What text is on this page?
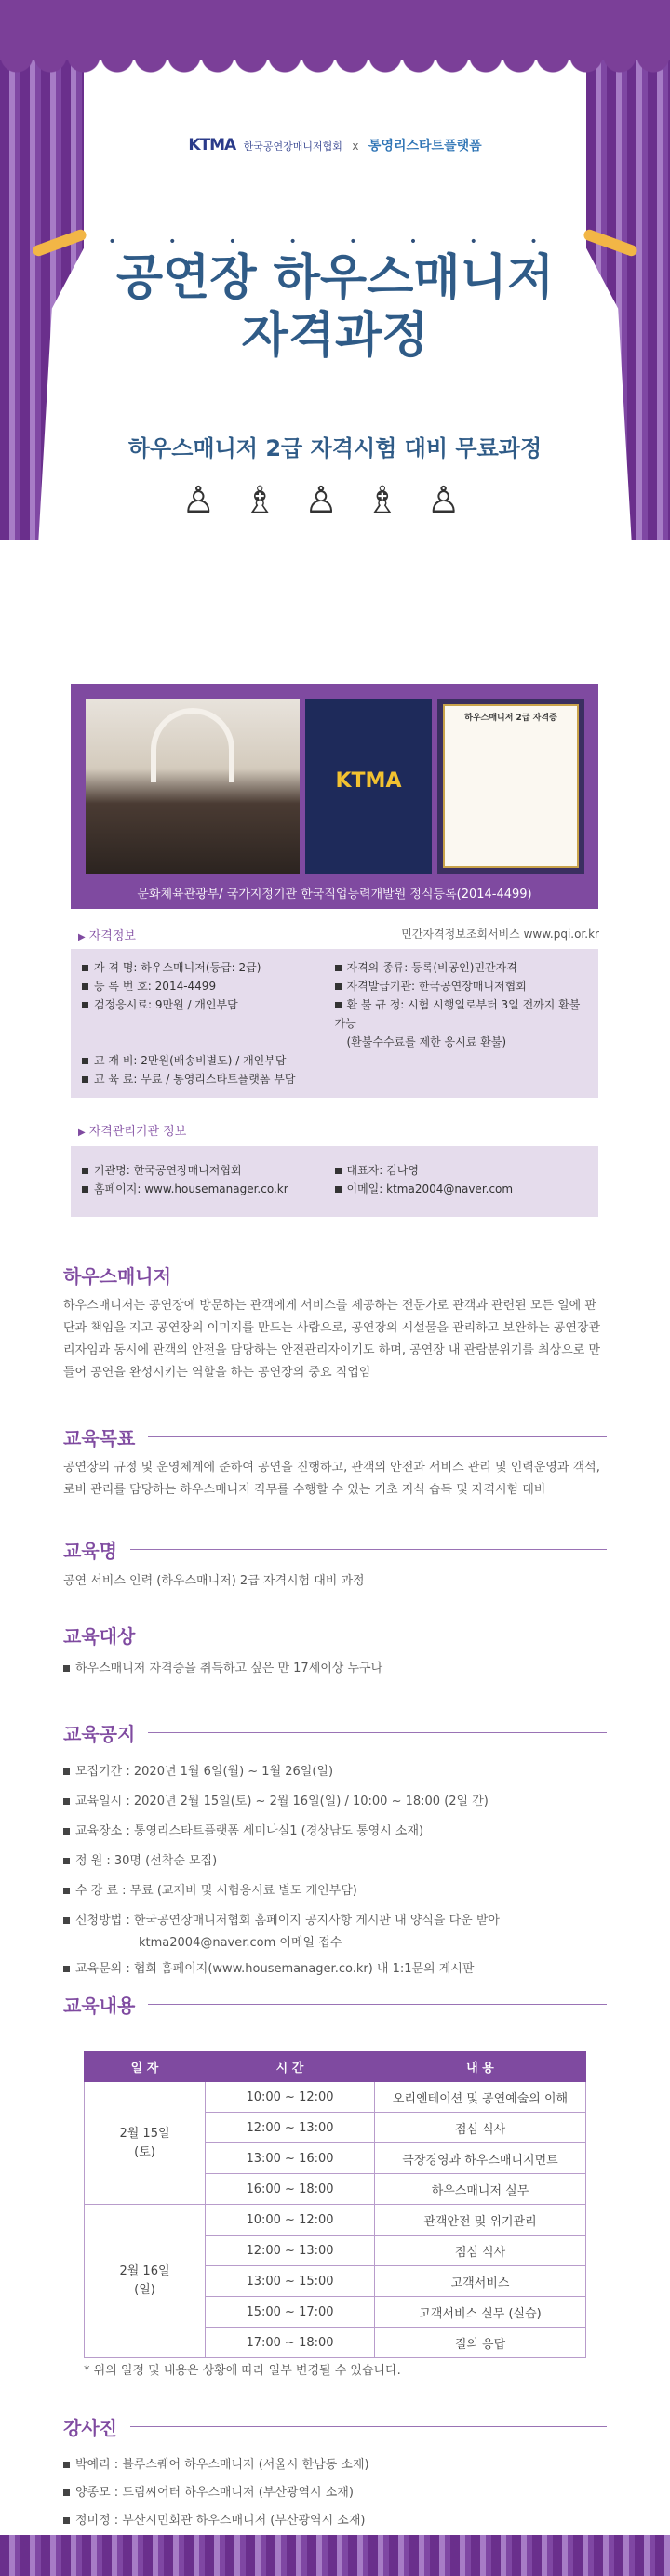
KTMA 한국공연장매니저협회 x 통영리스타트플랫폼
• • • • • • • •
공연장 하우스매니저
자격과정
하우스매니저 2급 자격시험 대비 무료과정
♙♗♙♗♙
KTMA
하우스매니저 2급 자격증
문화체육관광부/ 국가지정기관 한국직업능력개발원 정식등록(2014-4499)
▶ 자격정보	민간자격정보조회서비스 www.pqi.or.kr
자 격 명: 하우스매니저(등급: 2급)	자격의 종류: 등록(비공인)민간자격
등 록 번 호: 2014-4499	자격발급기관: 한국공연장매니저협회
검정응시료: 9만원 / 개인부담	환 불 규 정: 시험 시행일로부터 3일 전까지 환불가능
(환불수수료를 제한 응시료 환불)
교 재 비: 2만원(배송비별도) / 개인부담
교 육 료: 무료 / 통영리스타트플랫폼 부담
▶ 자격관리기관 정보
기관명: 한국공연장매니저협회	대표자: 김나영
홈페이지: www.housemanager.co.kr	이메일: ktma2004@naver.com
하우스매니저
하우스매니저는 공연장에 방문하는 관객에게 서비스를 제공하는 전문가로 관객과 관련된 모든 일에 판단과 책임을 지고 공연장의 이미지를 만드는 사람으로, 공연장의 시설물을 관리하고 보완하는 공연장관리자임과 동시에 관객의 안전을 담당하는 안전관리자이기도 하며, 공연장 내 관람분위기를 최상으로 만들어 공연을 완성시키는 역할을 하는 공연장의 중요 직업임
교육목표
공연장의 규정 및 운영체계에 준하여 공연을 진행하고, 관객의 안전과 서비스 관리 및 인력운영과 객석, 로비 관리를 담당하는 하우스매니저 직무를 수행할 수 있는 기초 지식 습득 및 자격시험 대비
교육명
공연 서비스 인력 (하우스매니저) 2급 자격시험 대비 과정
교육대상
하우스매니저 자격증을 취득하고 싶은 만 17세이상 누구나
교육공지
모집기간 : 2020년 1월 6일(월) ~ 1월 26일(일)
교육일시 : 2020년 2월 15일(토) ~ 2월 16일(일) / 10:00 ~ 18:00 (2일 간)
교육장소 : 통영리스타트플랫폼 세미나실1 (경상남도 통영시 소재)
정 원 : 30명 (선착순 모집)
수 강 료 : 무료 (교재비 및 시험응시료 별도 개인부담)
신청방법 : 한국공연장매니저협회 홈페이지 공지사항 게시판 내 양식을 다운 받아
ktma2004@naver.com 이메일 접수
교육문의 : 협회 홈페이지(www.housemanager.co.kr) 내 1:1문의 게시판
교육내용
일 자	시 간	내 용
2월 15일
(토)	10:00 ~ 12:00	오리엔테이션 및 공연예술의 이해
	12:00 ~ 13:00	점심 식사
	13:00 ~ 16:00	극장경영과 하우스매니지먼트
	16:00 ~ 18:00	하우스매니저 실무
2월 16일
(일)	10:00 ~ 12:00	관객안전 및 위기관리
	12:00 ~ 13:00	점심 식사
	13:00 ~ 15:00	고객서비스
	15:00 ~ 17:00	고객서비스 실무 (실습)
	17:00 ~ 18:00	질의 응답
* 위의 일정 및 내용은 상황에 따라 일부 변경될 수 있습니다.
강사진
박예리 : 블루스퀘어 하우스매니저 (서울시 한남동 소재)
양종모 : 드림씨어터 하우스매니저 (부산광역시 소재)
정미정 : 부산시민회관 하우스매니저 (부산광역시 소재)
